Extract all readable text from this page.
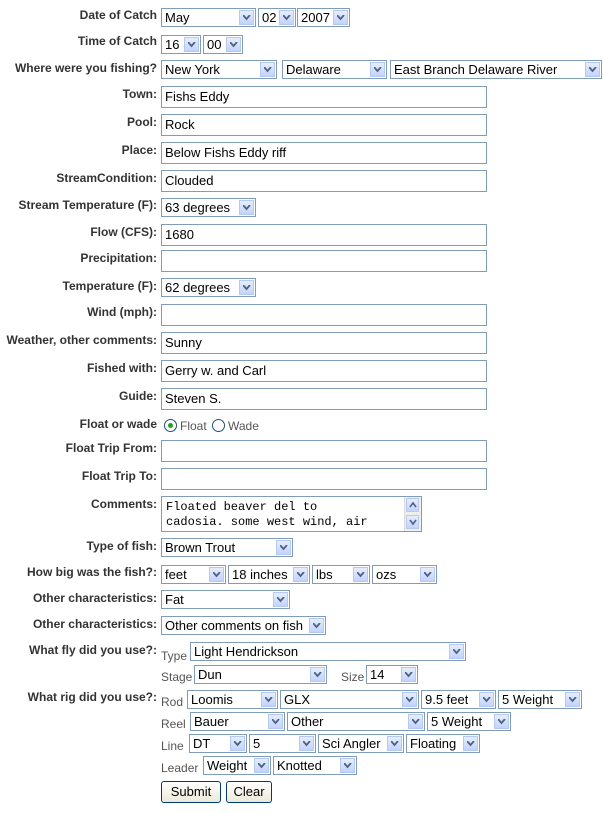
Date of Catch May	02 2007
Time of Catch 16 00
Where were you fishing? New York	Delaware	East Branch Delaware River
Town: Fishs Eddy
Pool: Rock
Place: Below Fishs Eddy riff
StreamCondition: Clouded
Stream Temperature (F): 63 degrees
Flow (CFS): 1680
Precipitation:
Temperature (F): 62 degrees
Wind (mph):
Weather, other comments: Sunny
Fished with: Gerry w. and Carl
Guide: Steven S.
Float or wade Float Wade
Float Trip From:
Float Trip To:
Comments: Floated beaver del to
cadosia. some west wind, air
Type of fish: Brown Trout
How big was the fish?: feet	18 inches lbs	ozs
Other characteristics: Fat
Other characteristics: Other comments on fish
What fly did you use?: Type Light Hendrickson
Stage Dun	Size 14
What rig did you use?: Rod Loomis	GLX	9.5 feet	5 Weight
Reel Bauer	Other	5 Weight
Line DT	5	Sci Angler Floating
Leader Weight Knotted
Submit	Clear
